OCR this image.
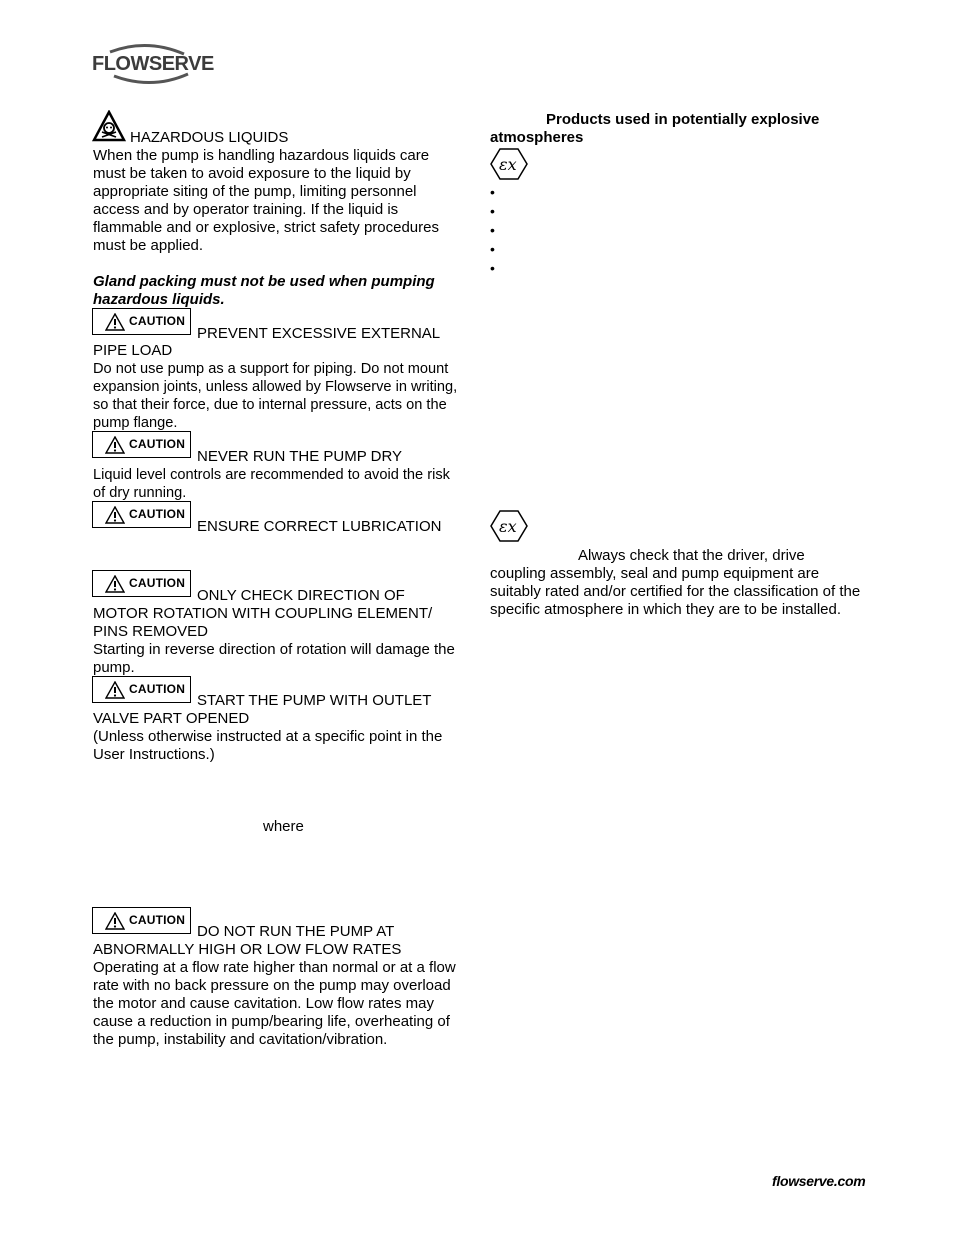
FLOWSERVE
HAZARDOUS LIQUIDS
When the pump is handling hazardous liquids care must be taken to avoid exposure to the liquid by appropriate siting of the pump, limiting personnel access and by operator training. If the liquid is flammable and or explosive, strict safety procedures must be applied.
Gland packing must not be used when pumping hazardous liquids.
CAUTION
PREVENT EXCESSIVE EXTERNAL
PIPE LOAD
Do not use pump as a support for piping. Do not mount expansion joints, unless allowed by Flowserve in writing, so that their force, due to internal pressure, acts on the pump flange.
CAUTION
NEVER RUN THE PUMP DRY
Liquid level controls are recommended to avoid the risk of dry running.
CAUTION
ENSURE CORRECT LUBRICATION
CAUTION
ONLY CHECK DIRECTION OF
MOTOR ROTATION WITH COUPLING ELEMENT/
PINS REMOVED
Starting in reverse direction of rotation will damage the pump.
CAUTION
START THE PUMP WITH OUTLET
VALVE PART OPENED
(Unless otherwise instructed at a specific point in the User Instructions.)
where
CAUTION
DO NOT RUN THE PUMP AT
ABNORMALLY HIGH OR LOW FLOW RATES
Operating at a flow rate higher than normal or at a flow rate with no back pressure on the pump may overload the motor and cause cavitation. Low flow rates may cause a reduction in pump/bearing life, overheating of the pump, instability and cavitation/vibration.
Products used in potentially explosive
atmospheres
εx
•
•
•
•
•
εx
Always check that the driver, drive
coupling assembly, seal and pump equipment are suitably rated and/or certified for the classification of the specific atmosphere in which they are to be installed.
flowserve.com
